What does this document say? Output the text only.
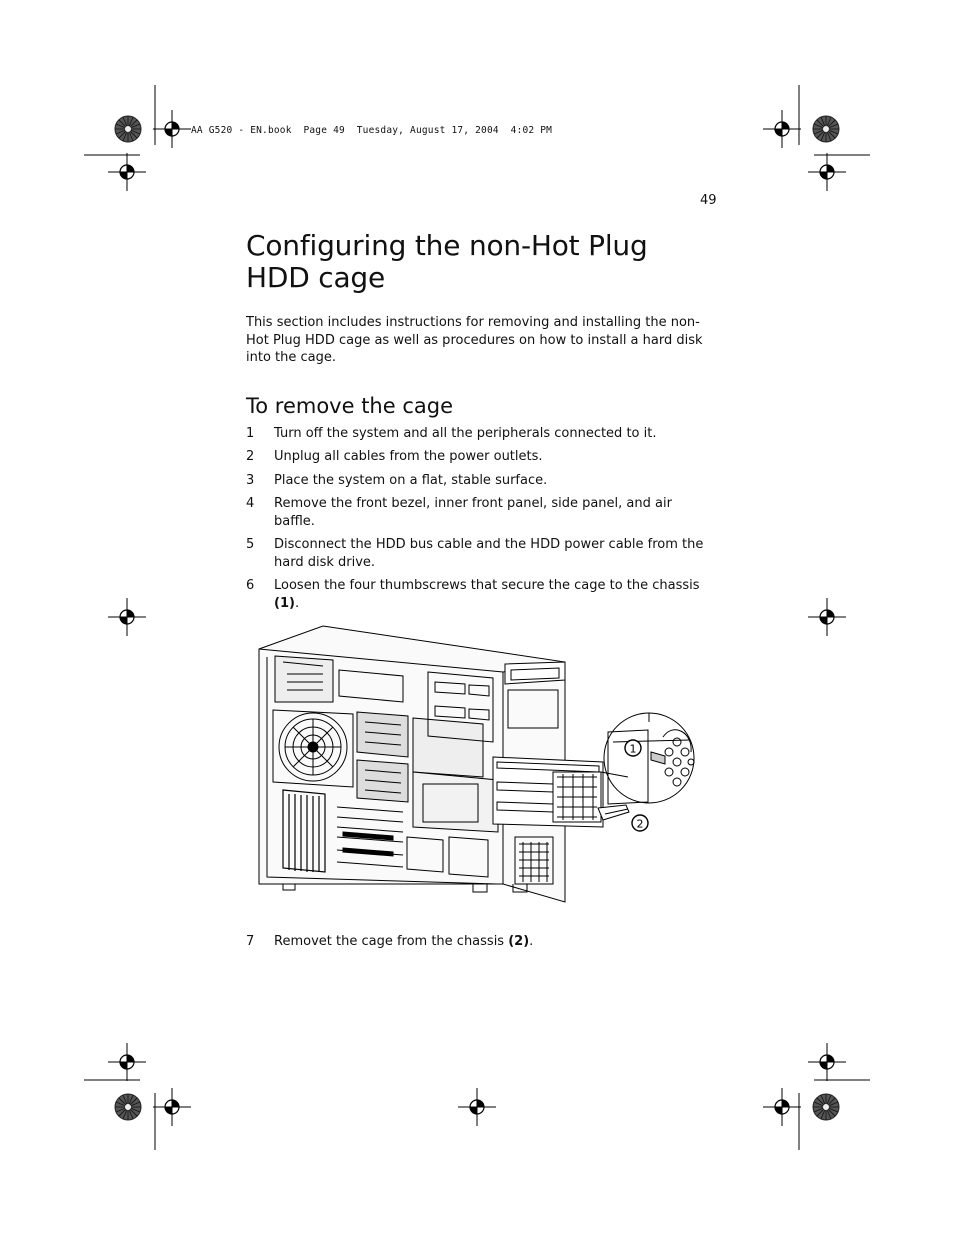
AA G520 - EN.book  Page 49  Tuesday, August 17, 2004  4:02 PM
49
Configuring the non-Hot Plug HDD cage

This section includes instructions for removing and installing the non-Hot Plug HDD cage as well as procedures on how to install a hard disk into the cage.

To remove the cage
1	Turn off the system and all the peripherals connected to it.
2	Unplug all cables from the power outlets.
3	Place the system on a flat, stable surface.
4	Remove the front bezel, inner front panel, side panel, and air baffle.
5	Disconnect the HDD bus cable and the HDD power cable from the hard disk drive.
6	Loosen the four thumbscrews that secure the cage to the chassis (1).
1
2
7	Removet the cage from the chassis (2).
